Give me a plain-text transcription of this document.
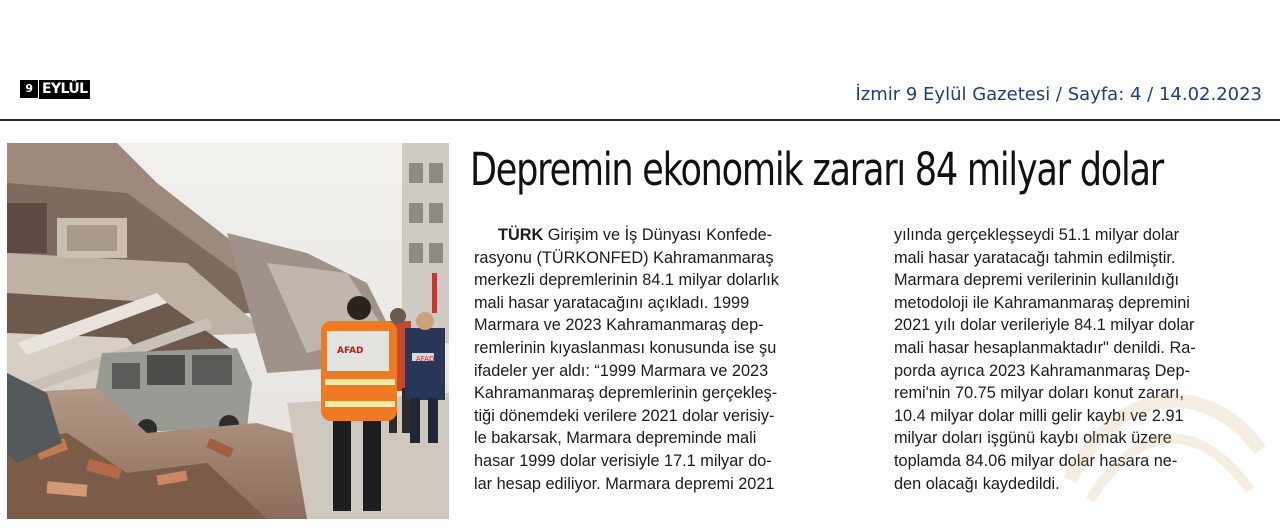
9 EYLÜL	İzmir 9 Eylül Gazetesi / Sayfa: 4 / 14.02.2023
AFAD
AFAD
Depremin ekonomik zararı 84 milyar dolar
TÜRK Girişim ve İş Dünyası Konfede-
rasyonu (TÜRKONFED) Kahramanmaraş
merkezli depremlerinin 84.1 milyar dolarlık
mali hasar yaratacağını açıkladı. 1999
Marmara ve 2023 Kahramanmaraş dep-
remlerinin kıyaslanması konusunda ise şu
ifadeler yer aldı: “1999 Marmara ve 2023
Kahramanmaraş depremlerinin gerçekleş-
tiği dönemdeki verilere 2021 dolar verisiy-
le bakarsak, Marmara depreminde mali
hasar 1999 dolar verisiyle 17.1 milyar do-
lar hesap ediliyor. Marmara depremi 2021
yılında gerçekleşseydi 51.1 milyar dolar
mali hasar yaratacağı tahmin edilmiştir.
Marmara depremi verilerinin kullanıldığı
metodoloji ile Kahramanmaraş depremini
2021 yılı dolar verileriyle 84.1 milyar dolar
mali hasar hesaplanmaktadır" denildi. Ra-
porda ayrıca 2023 Kahramanmaraş Dep-
remi'nin 70.75 milyar doları konut zararı,
10.4 milyar dolar milli gelir kaybı ve 2.91
milyar doları işgünü kaybı olmak üzere
toplamda 84.06 milyar dolar hasara ne-
den olacağı kaydedildi.
